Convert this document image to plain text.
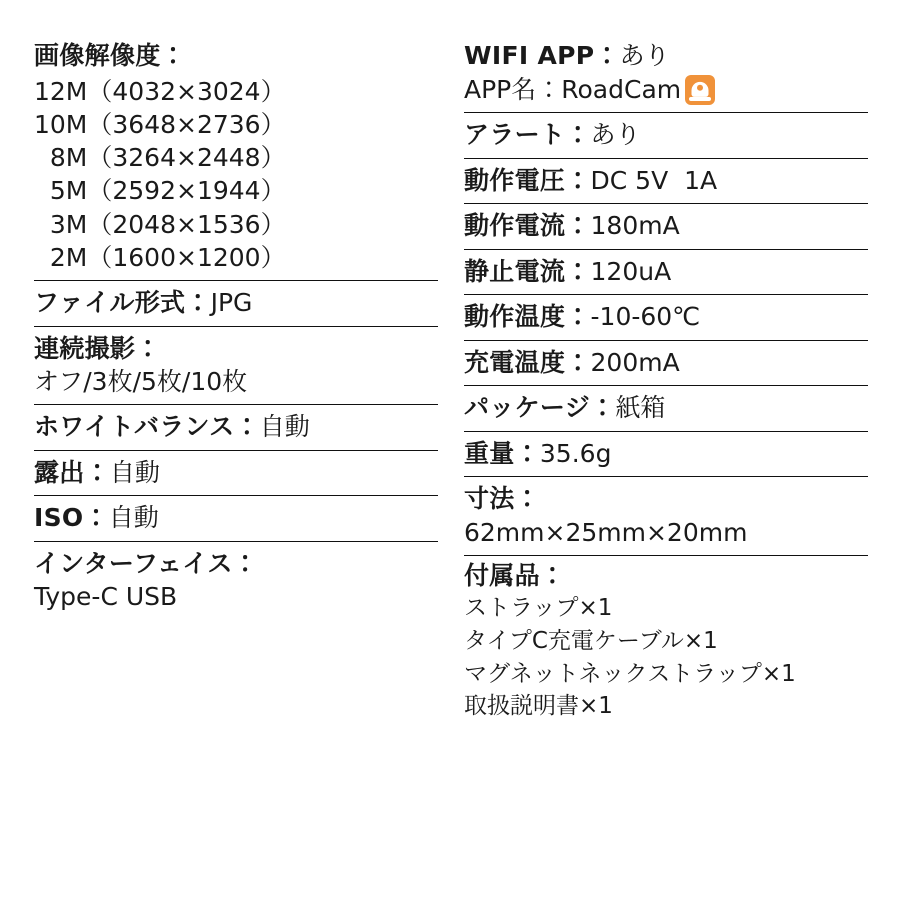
画像解像度：
12M（4032×3024）
10M（3648×2736）
8M（3264×2448）
5M（2592×1944）
3M（2048×1536）
2M（1600×1200）
ファイル形式：JPG
連続撮影：
オフ/3枚/5枚/10枚
ホワイトバランス：自動
露出：自動
ISO：自動
インターフェイス：
Type-C USB
WIFI APP：あり
APP名：RoadCam
アラート：あり
動作電圧：DC 5V  1A
動作電流：180mA
静止電流：120uA
動作温度：-10-60℃
充電温度：200mA
パッケージ：紙箱
重量：35.6g
寸法：
62mm×25mm×20mm
付属品：
ストラップ×1
タイプC充電ケーブル×1
マグネットネックストラップ×1
取扱説明書×1
